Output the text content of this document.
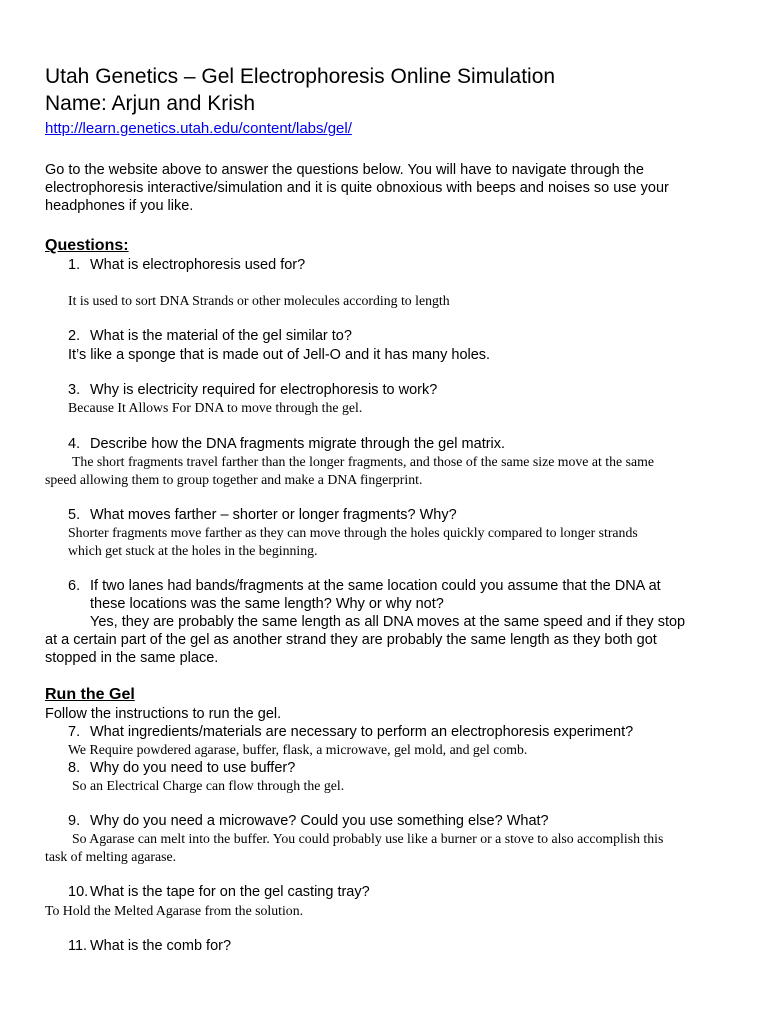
Utah Genetics – Gel Electrophoresis Online Simulation
Name: Arjun and Krish
http://learn.genetics.utah.edu/content/labs/gel/
Go to the website above to answer the questions below. You will have to navigate through the
electrophoresis interactive/simulation and it is quite obnoxious with beeps and noises so use your
headphones if you like.
Questions:
1. What is electrophoresis used for?
It is used to sort DNA Strands or other molecules according to length
2. What is the material of the gel similar to?
It’s like a sponge that is made out of Jell-O and it has many holes.
3. Why is electricity required for electrophoresis to work?
Because It Allows For DNA to move through the gel.
4. Describe how the DNA fragments migrate through the gel matrix.
The short fragments travel farther than the longer fragments, and those of the same size move at the same
speed allowing them to group together and make a DNA fingerprint.
5. What moves farther – shorter or longer fragments? Why?
Shorter fragments move farther as they can move through the holes quickly compared to longer strands
which get stuck at the holes in the beginning.
6. If two lanes had bands/fragments at the same location could you assume that the DNA at
these locations was the same length? Why or why not?
Yes, they are probably the same length as all DNA moves at the same speed and if they stop
at a certain part of the gel as another strand they are probably the same length as they both got
stopped in the same place.
Run the Gel
Follow the instructions to run the gel.
7. What ingredients/materials are necessary to perform an electrophoresis experiment?
We Require powdered agarase, buffer, flask, a microwave, gel mold, and gel comb.
8. Why do you need to use buffer?
So an Electrical Charge can flow through the gel.
9. Why do you need a microwave? Could you use something else? What?
So Agarase can melt into the buffer. You could probably use like a burner or a stove to also accomplish this
task of melting agarase.
10. What is the tape for on the gel casting tray?
To Hold the Melted Agarase from the solution.
11. What is the comb for?
